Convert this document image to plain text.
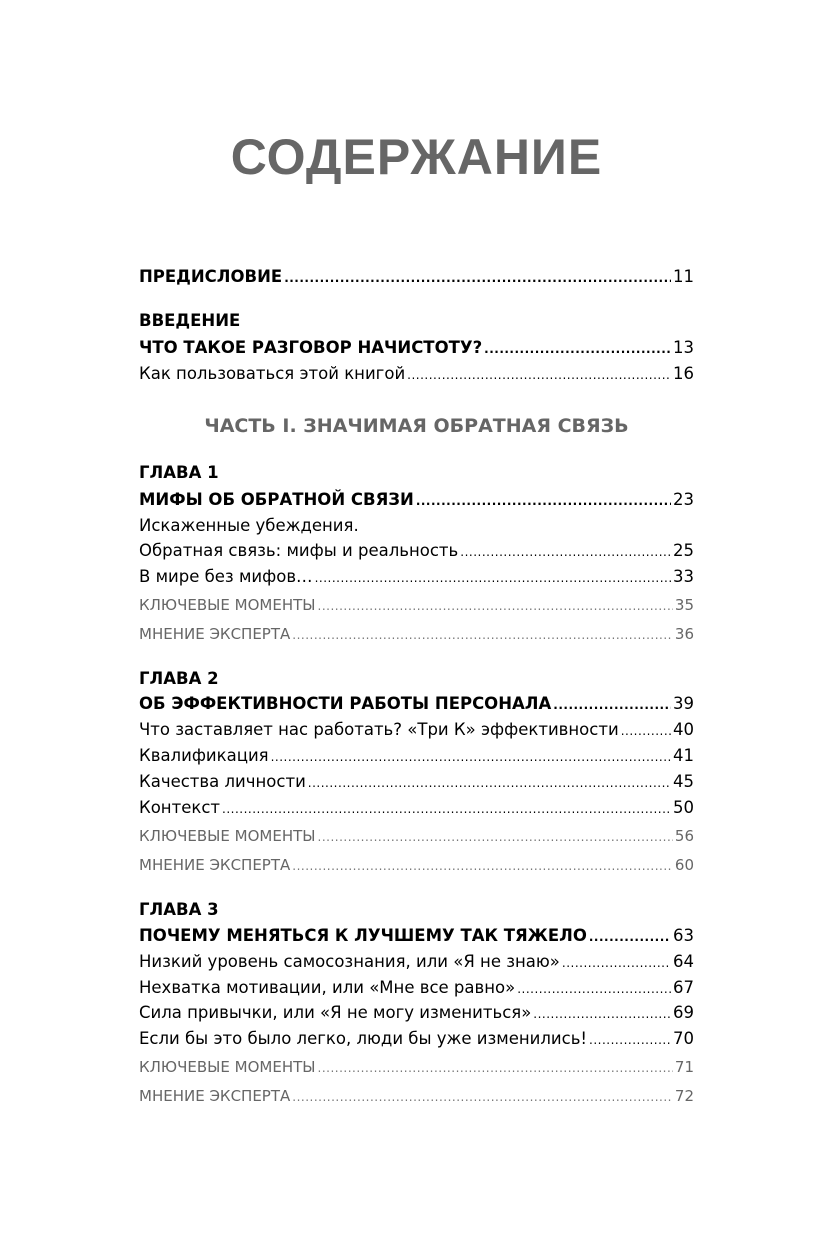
СОДЕРЖАНИЕ
ПРЕДИСЛОВИЕ .....	11
ВВЕДЕНИЕ
ЧТО ТАКОЕ РАЗГОВОР НАЧИСТОТУ? .....	13
Как пользоваться этой книгой .....	16
ЧАСТЬ I. ЗНАЧИМАЯ ОБРАТНАЯ СВЯЗЬ
ГЛАВА 1
МИФЫ ОБ ОБРАТНОЙ СВЯЗИ .....	23
Искаженные убеждения.
Обратная связь: мифы и реальность .....	25
В мире без мифов… .....	33
КЛЮЧЕВЫЕ МОМЕНТЫ .....	35
МНЕНИЕ ЭКСПЕРТА .....	36
ГЛАВА 2
ОБ ЭФФЕКТИВНОСТИ РАБОТЫ ПЕРСОНАЛА .....	39
Что заставляет нас работать? «Три К» эффективности .....	40
Квалификация .....	41
Качества личности .....	45
Контекст .....	50
КЛЮЧЕВЫЕ МОМЕНТЫ .....	56
МНЕНИЕ ЭКСПЕРТА .....	60
ГЛАВА 3
ПОЧЕМУ МЕНЯТЬСЯ К ЛУЧШЕМУ ТАК ТЯЖЕЛО .....	63
Низкий уровень самосознания, или «Я не знаю» .....	64
Нехватка мотивации, или «Мне все равно» .....	67
Сила привычки, или «Я не могу измениться» .....	69
Если бы это было легко, люди бы уже изменились! .....	70
КЛЮЧЕВЫЕ МОМЕНТЫ .....	71
МНЕНИЕ ЭКСПЕРТА .....	72
